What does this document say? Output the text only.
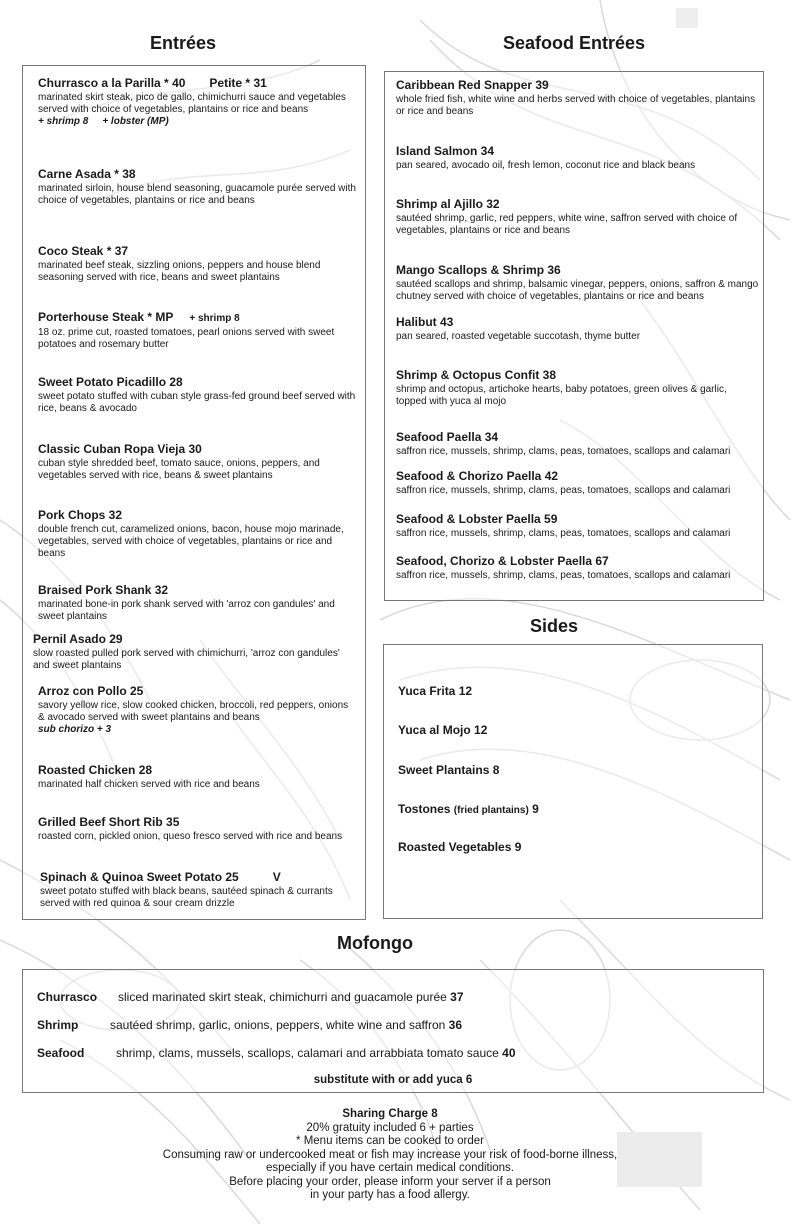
Entrées
Churrasco a la Parilla * 40 Petite * 31
marinated skirt steak, pico de gallo, chimichurri sauce and vegetables served with choice of vegetables, plantains or rice and beans
+ shrimp 8 + lobster (MP)
Carne Asada * 38
marinated sirloin, house blend seasoning, guacamole purée served with choice of vegetables, plantains or rice and beans
Coco Steak * 37
marinated beef steak, sizzling onions, peppers and house blend seasoning served with rice, beans and sweet plantains
Porterhouse Steak * MP + shrimp 8
18 oz. prime cut, roasted tomatoes, pearl onions served with sweet potatoes and rosemary butter
Sweet Potato Picadillo 28
sweet potato stuffed with cuban style grass-fed ground beef served with rice, beans & avocado
Classic Cuban Ropa Vieja 30
cuban style shredded beef, tomato sauce, onions, peppers, and vegetables served with rice, beans & sweet plantains
Pork Chops 32
double french cut, caramelized onions, bacon, house mojo marinade, vegetables, served with choice of vegetables, plantains or rice and beans
Braised Pork Shank 32
marinated bone-in pork shank served with 'arroz con gandules' and sweet plantains
Pernil Asado 29
slow roasted pulled pork served with chimichurri, 'arroz con gandules' and sweet plantains
Arroz con Pollo 25
savory yellow rice, slow cooked chicken, broccoli, red peppers, onions & avocado served with sweet plantains and beans
sub chorizo + 3
Roasted Chicken 28
marinated half chicken served with rice and beans
Grilled Beef Short Rib 35
roasted corn, pickled onion, queso fresco served with rice and beans
Spinach & Quinoa Sweet Potato 25	V
sweet potato stuffed with black beans, sautéed spinach & currants served with red quinoa & sour cream drizzle
Seafood Entrées
Caribbean Red Snapper 39
whole fried fish, white wine and herbs served with choice of vegetables, plantains or rice and beans
Island Salmon 34
pan seared, avocado oil, fresh lemon, coconut rice and black beans
Shrimp al Ajillo 32
sautéed shrimp, garlic, red peppers, white wine, saffron served with choice of vegetables, plantains or rice and beans
Mango Scallops & Shrimp 36
sautéed scallops and shrimp, balsamic vinegar, peppers, onions, saffron & mango chutney served with choice of vegetables, plantains or rice and beans
Halibut 43
pan seared, roasted vegetable succotash, thyme butter
Shrimp & Octopus Confit 38
shrimp and octopus, artichoke hearts, baby potatoes, green olives & garlic, topped with yuca al mojo
Seafood Paella 34
saffron rice, mussels, shrimp, clams, peas, tomatoes, scallops and calamari
Seafood & Chorizo Paella 42
saffron rice, mussels, shrimp, clams, peas, tomatoes, scallops and calamari
Seafood & Lobster Paella 59
saffron rice, mussels, shrimp, clams, peas, tomatoes, scallops and calamari
Seafood, Chorizo & Lobster Paella 67
saffron rice, mussels, shrimp, clams, peas, tomatoes, scallops and calamari
Sides
Yuca Frita 12
Yuca al Mojo 12
Sweet Plantains 8
Tostones (fried plantains) 9
Roasted Vegetables 9
Mofongo
Churrasco sliced marinated skirt steak, chimichurri and guacamole purée 37
Shrimp	sautéed shrimp, garlic, onions, peppers, white wine and saffron 36
Seafood	shrimp, clams, mussels, scallops, calamari and arrabbiata tomato sauce 40
substitute with or add yuca 6
Sharing Charge 8
20% gratuity included 6 + parties
* Menu items can be cooked to order
Consuming raw or undercooked meat or fish may increase your risk of food-borne illness,
especially if you have certain medical conditions.
Before placing your order, please inform your server if a person
in your party has a food allergy.
